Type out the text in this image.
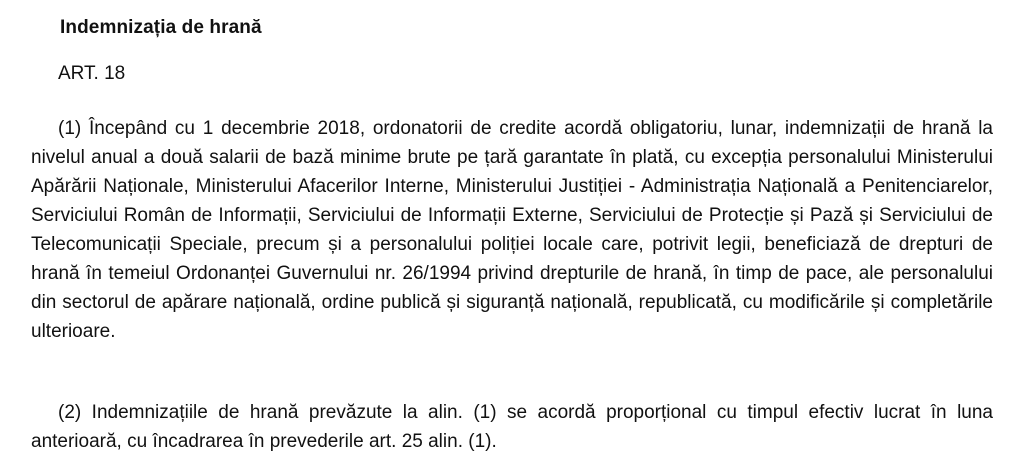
Indemnizația de hrană
ART. 18

(1) Începând cu 1 decembrie 2018, ordonatorii de credite acordă obligatoriu, lunar, indemnizații de hrană la nivelul anual a două salarii de bază minime brute pe țară garantate în plată, cu excepția personalului Ministerului Apărării Naționale, Ministerului Afacerilor Interne, Ministerului Justiției - Administrația Națională a Penitenciarelor, Serviciului Român de Informații, Serviciului de Informații Externe, Serviciului de Protecție și Pază și Serviciului de Telecomunicații Speciale, precum și a personalului poliției locale care, potrivit legii, beneficiază de drepturi de hrană în temeiul Ordonanței Guvernului nr. 26/1994 privind drepturile de hrană, în timp de pace, ale personalului din sectorul de apărare națională, ordine publică și siguranță națională, republicată, cu modificările și completările ulterioare.

(2) Indemnizațiile de hrană prevăzute la alin. (1) se acordă proporțional cu timpul efectiv lucrat în luna anterioară, cu încadrarea în prevederile art. 25 alin. (1).
